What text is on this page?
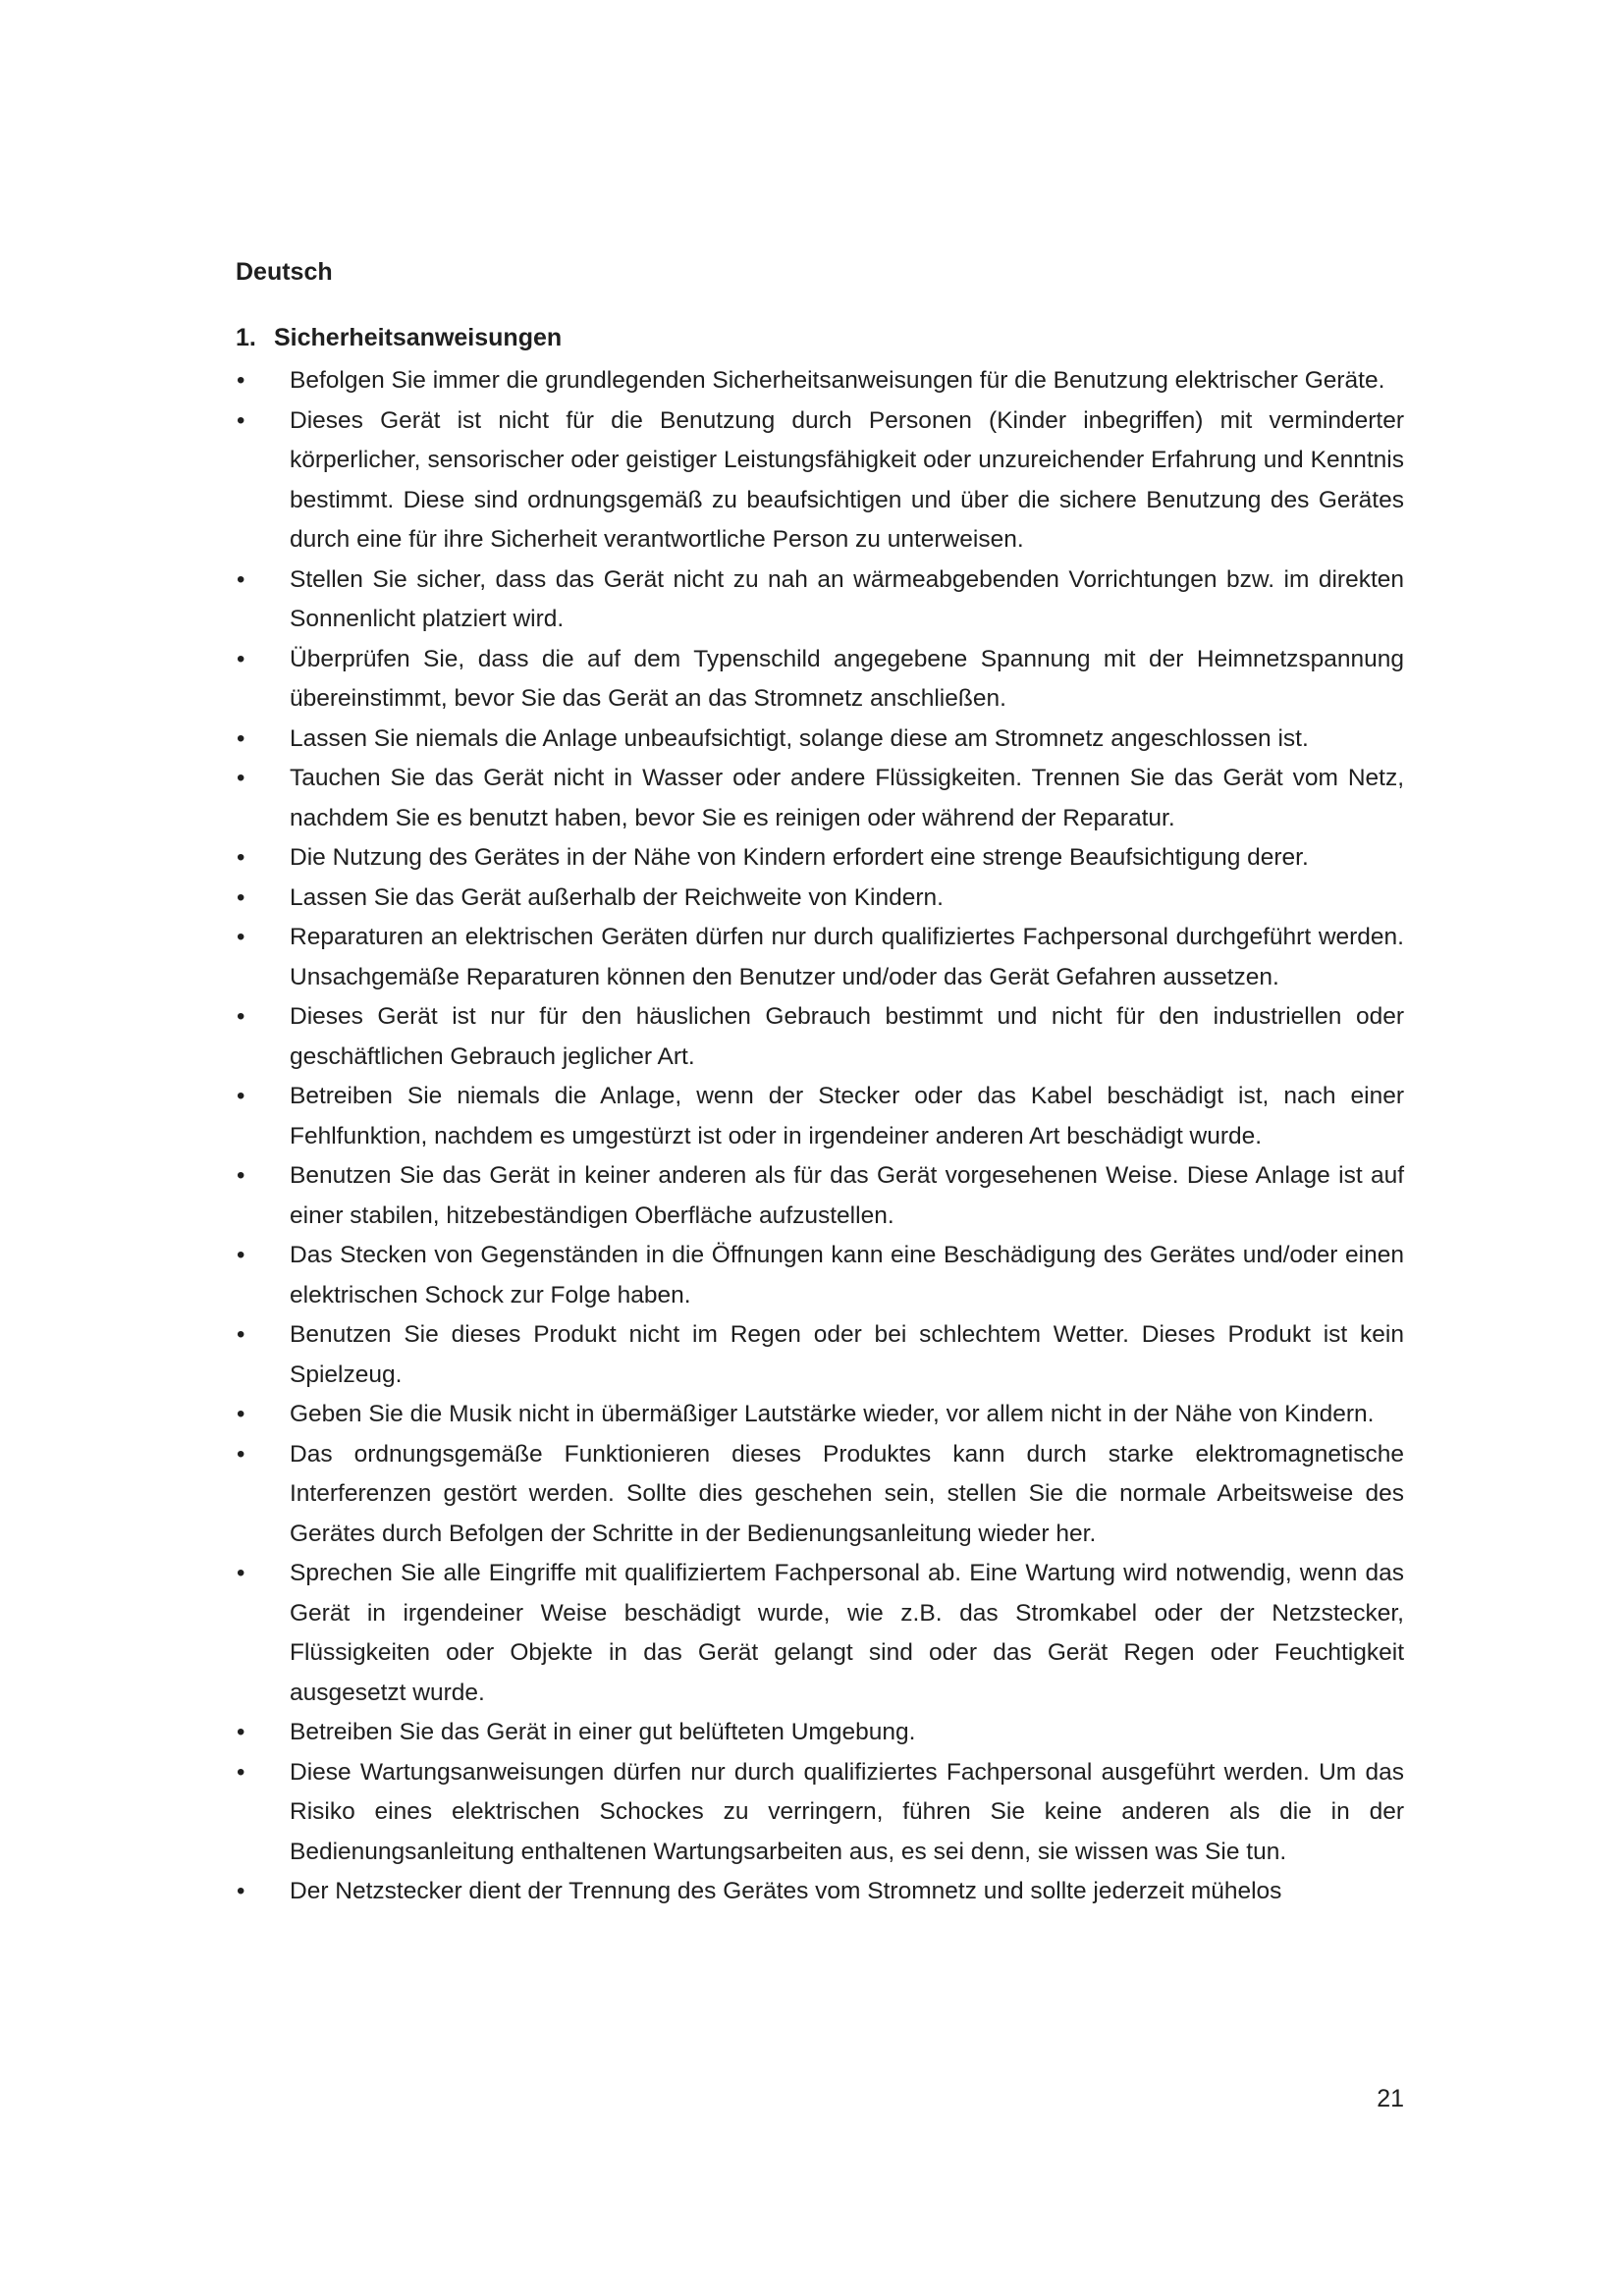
Deutsch
1. Sicherheitsanweisungen
• Befolgen Sie immer die grundlegenden Sicherheitsanweisungen für die Benutzung elektrischer Geräte.
• Dieses Gerät ist nicht für die Benutzung durch Personen (Kinder inbegriffen) mit verminderter körperlicher, sensorischer oder geistiger Leistungsfähigkeit oder unzureichender Erfahrung und Kenntnis bestimmt. Diese sind ordnungsgemäß zu beaufsichtigen und über die sichere Benutzung des Gerätes durch eine für ihre Sicherheit verantwortliche Person zu unterweisen.
• Stellen Sie sicher, dass das Gerät nicht zu nah an wärmeabgebenden Vorrichtungen bzw. im direkten Sonnenlicht platziert wird.
• Überprüfen Sie, dass die auf dem Typenschild angegebene Spannung mit der Heimnetzspannung übereinstimmt, bevor Sie das Gerät an das Stromnetz anschließen.
• Lassen Sie niemals die Anlage unbeaufsichtigt, solange diese am Stromnetz angeschlossen ist.
• Tauchen Sie das Gerät nicht in Wasser oder andere Flüssigkeiten. Trennen Sie das Gerät vom Netz, nachdem Sie es benutzt haben, bevor Sie es reinigen oder während der Reparatur.
• Die Nutzung des Gerätes in der Nähe von Kindern erfordert eine strenge Beaufsichtigung derer.
• Lassen Sie das Gerät außerhalb der Reichweite von Kindern.
• Reparaturen an elektrischen Geräten dürfen nur durch qualifiziertes Fachpersonal durchgeführt werden. Unsachgemäße Reparaturen können den Benutzer und/oder das Gerät Gefahren aussetzen.
• Dieses Gerät ist nur für den häuslichen Gebrauch bestimmt und nicht für den industriellen oder geschäftlichen Gebrauch jeglicher Art.
• Betreiben Sie niemals die Anlage, wenn der Stecker oder das Kabel beschädigt ist, nach einer Fehlfunktion, nachdem es umgestürzt ist oder in irgendeiner anderen Art beschädigt wurde.
• Benutzen Sie das Gerät in keiner anderen als für das Gerät vorgesehenen Weise. Diese Anlage ist auf einer stabilen, hitzebeständigen Oberfläche aufzustellen.
• Das Stecken von Gegenständen in die Öffnungen kann eine Beschädigung des Gerätes und/oder einen elektrischen Schock zur Folge haben.
• Benutzen Sie dieses Produkt nicht im Regen oder bei schlechtem Wetter. Dieses Produkt ist kein Spielzeug.
• Geben Sie die Musik nicht in übermäßiger Lautstärke wieder, vor allem nicht in der Nähe von Kindern.
• Das ordnungsgemäße Funktionieren dieses Produktes kann durch starke elektromagnetische Interferenzen gestört werden. Sollte dies geschehen sein, stellen Sie die normale Arbeitsweise des Gerätes durch Befolgen der Schritte in der Bedienungsanleitung wieder her.
• Sprechen Sie alle Eingriffe mit qualifiziertem Fachpersonal ab. Eine Wartung wird notwendig, wenn das Gerät in irgendeiner Weise beschädigt wurde, wie z.B. das Stromkabel oder der Netzstecker, Flüssigkeiten oder Objekte in das Gerät gelangt sind oder das Gerät Regen oder Feuchtigkeit ausgesetzt wurde.
• Betreiben Sie das Gerät in einer gut belüfteten Umgebung.
• Diese Wartungsanweisungen dürfen nur durch qualifiziertes Fachpersonal ausgeführt werden. Um das Risiko eines elektrischen Schockes zu verringern, führen Sie keine anderen als die in der Bedienungsanleitung enthaltenen Wartungsarbeiten aus, es sei denn, sie wissen was Sie tun.
• Der Netzstecker dient der Trennung des Gerätes vom Stromnetz und sollte jederzeit mühelos
21
